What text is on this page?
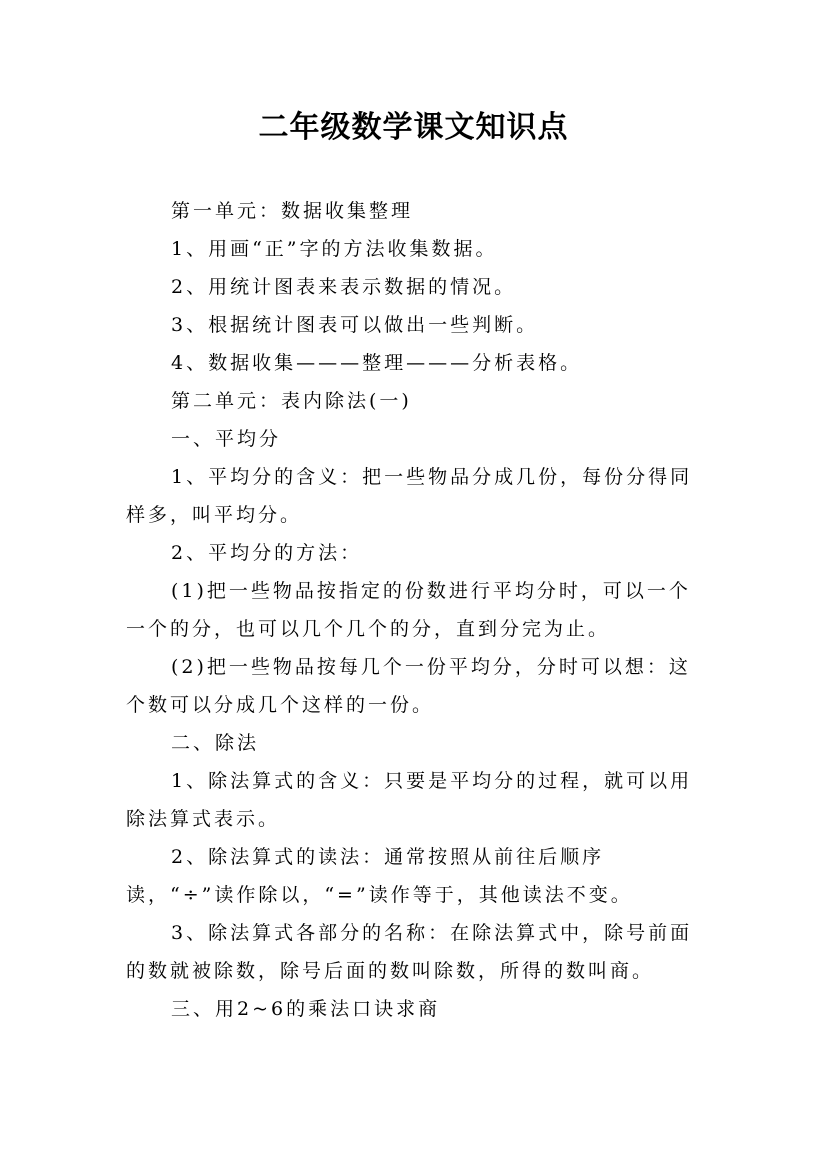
二年级数学课文知识点

第一单元：数据收集整理

1、用画“正”字的方法收集数据。

2、用统计图表来表示数据的情况。

3、根据统计图表可以做出一些判断。

4、数据收集———整理———分析表格。

第二单元：表内除法(一)

一、平均分

1、平均分的含义：把一些物品分成几份，每份分得同样多，叫平均分。

2、平均分的方法：

(1)把一些物品按指定的份数进行平均分时，可以一个一个的分，也可以几个几个的分，直到分完为止。

(2)把一些物品按每几个一份平均分，分时可以想：这个数可以分成几个这样的一份。

二、除法

1、除法算式的含义：只要是平均分的过程，就可以用除法算式表示。

2、除法算式的读法：通常按照从前往后顺序读，“÷”读作除以，“=”读作等于，其他读法不变。

3、除法算式各部分的名称：在除法算式中，除号前面的数就被除数，除号后面的数叫除数，所得的数叫商。

三、用2~6的乘法口诀求商
